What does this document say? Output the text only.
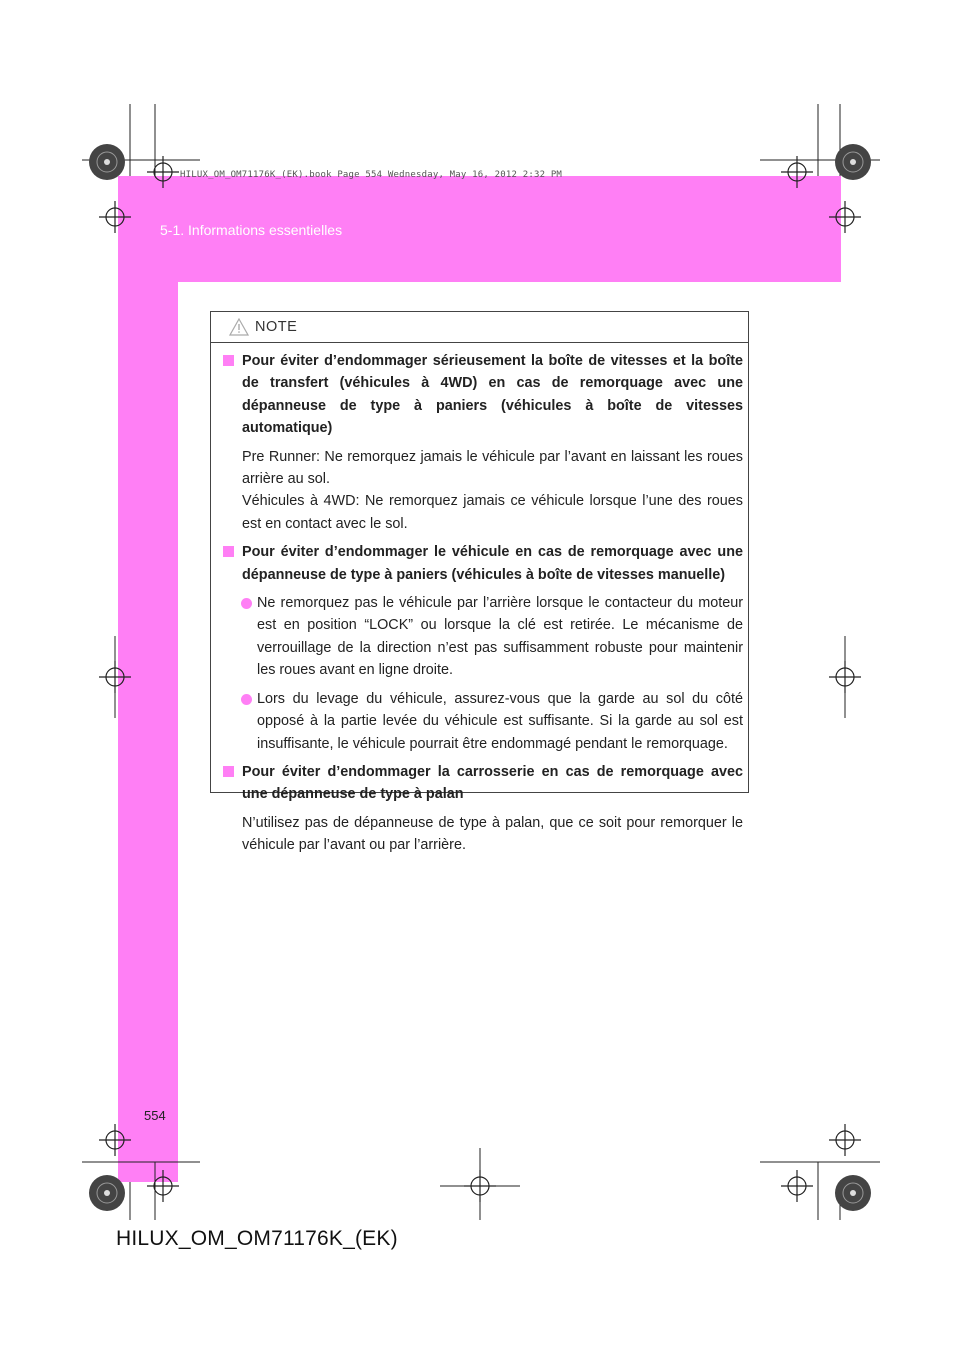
HILUX_OM_OM71176K_(EK).book Page 554 Wednesday, May 16, 2012 2:32 PM
5-1. Informations essentielles
NOTE
Pour éviter d’endommager sérieusement la boîte de vitesses et la boîte de transfert (véhicules à 4WD) en cas de remorquage avec une dépanneuse de type à paniers (véhicules à boîte de vitesses automatique)
Pre Runner: Ne remorquez jamais le véhicule par l’avant en laissant les roues arrière au sol.
Véhicules à 4WD: Ne remorquez jamais ce véhicule lorsque l’une des roues est en contact avec le sol.
Pour éviter d’endommager le véhicule en cas de remorquage avec une dépanneuse de type à paniers (véhicules à boîte de vitesses manuelle)
Ne remorquez pas le véhicule par l’arrière lorsque le contacteur du moteur est en position “LOCK” ou lorsque la clé est retirée. Le mécanisme de verrouillage de la direction n’est pas suffisamment robuste pour maintenir les roues avant en ligne droite.
Lors du levage du véhicule, assurez-vous que la garde au sol du côté opposé à la partie levée du véhicule est suffisante. Si la garde au sol est insuffisante, le véhicule pourrait être endommagé pendant le remorquage.
Pour éviter d’endommager la carrosserie en cas de remorquage avec une dépanneuse de type à palan
N’utilisez pas de dépanneuse de type à palan, que ce soit pour remorquer le véhicule par l’avant ou par l’arrière.
554
HILUX_OM_OM71176K_(EK)
